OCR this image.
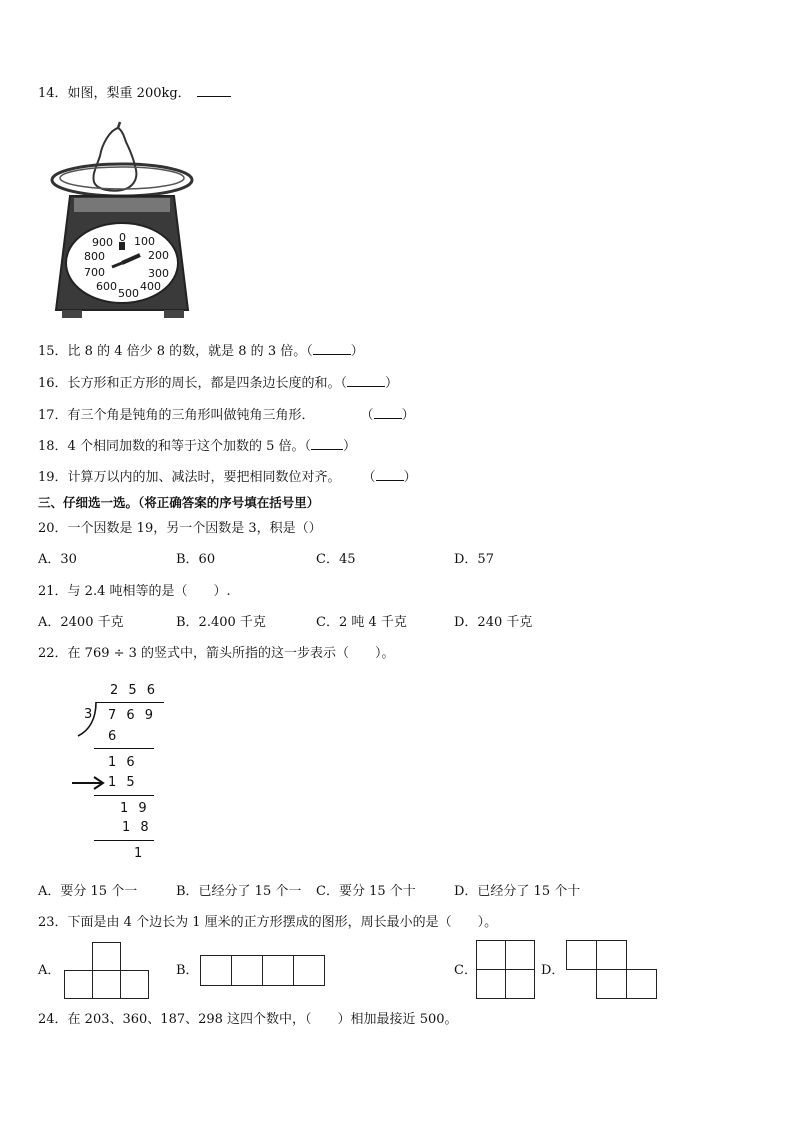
14．如图，梨重 200kg．
0 100
200
300
400
500
600
700
800
900
15．比 8 的 4 倍少 8 的数，就是 8 的 3 倍。（	）
16．长方形和正方形的周长，都是四条边长度的和。（	）
17．有三个角是钝角的三角形叫做钝角三角形．	（ ）
18．4 个相同加数的和等于这个加数的 5 倍。（ ）
19．计算万以内的加、减法时，要把相同数位对齐。 （ ）
三、仔细选一选。（将正确答案的序号填在括号里）
20．一个因数是 19，另一个因数是 3，积是（）
A．30	B．60	C．45	D．57
21．与 2.4 吨相等的是（　　）.
A．2400 千克	B．2.400 千克	C．2 吨 4 千克	D．240 千克
22．在 769 ÷ 3 的竖式中，箭头所指的这一步表示（　　）。
2 5 6
3 7 6 9
6
1 6
1 5
1 9
1 8
1
A．要分 15 个一	B．已经分了 15 个一 C．要分 15 个十	D．已经分了 15 个十
23．下面是由 4 个边长为 1 厘米的正方形摆成的图形，周长最小的是（　　）。
A．	B．	C．	D．
24．在 203、360、187、298 这四个数中，（　　）相加最接近 500。
